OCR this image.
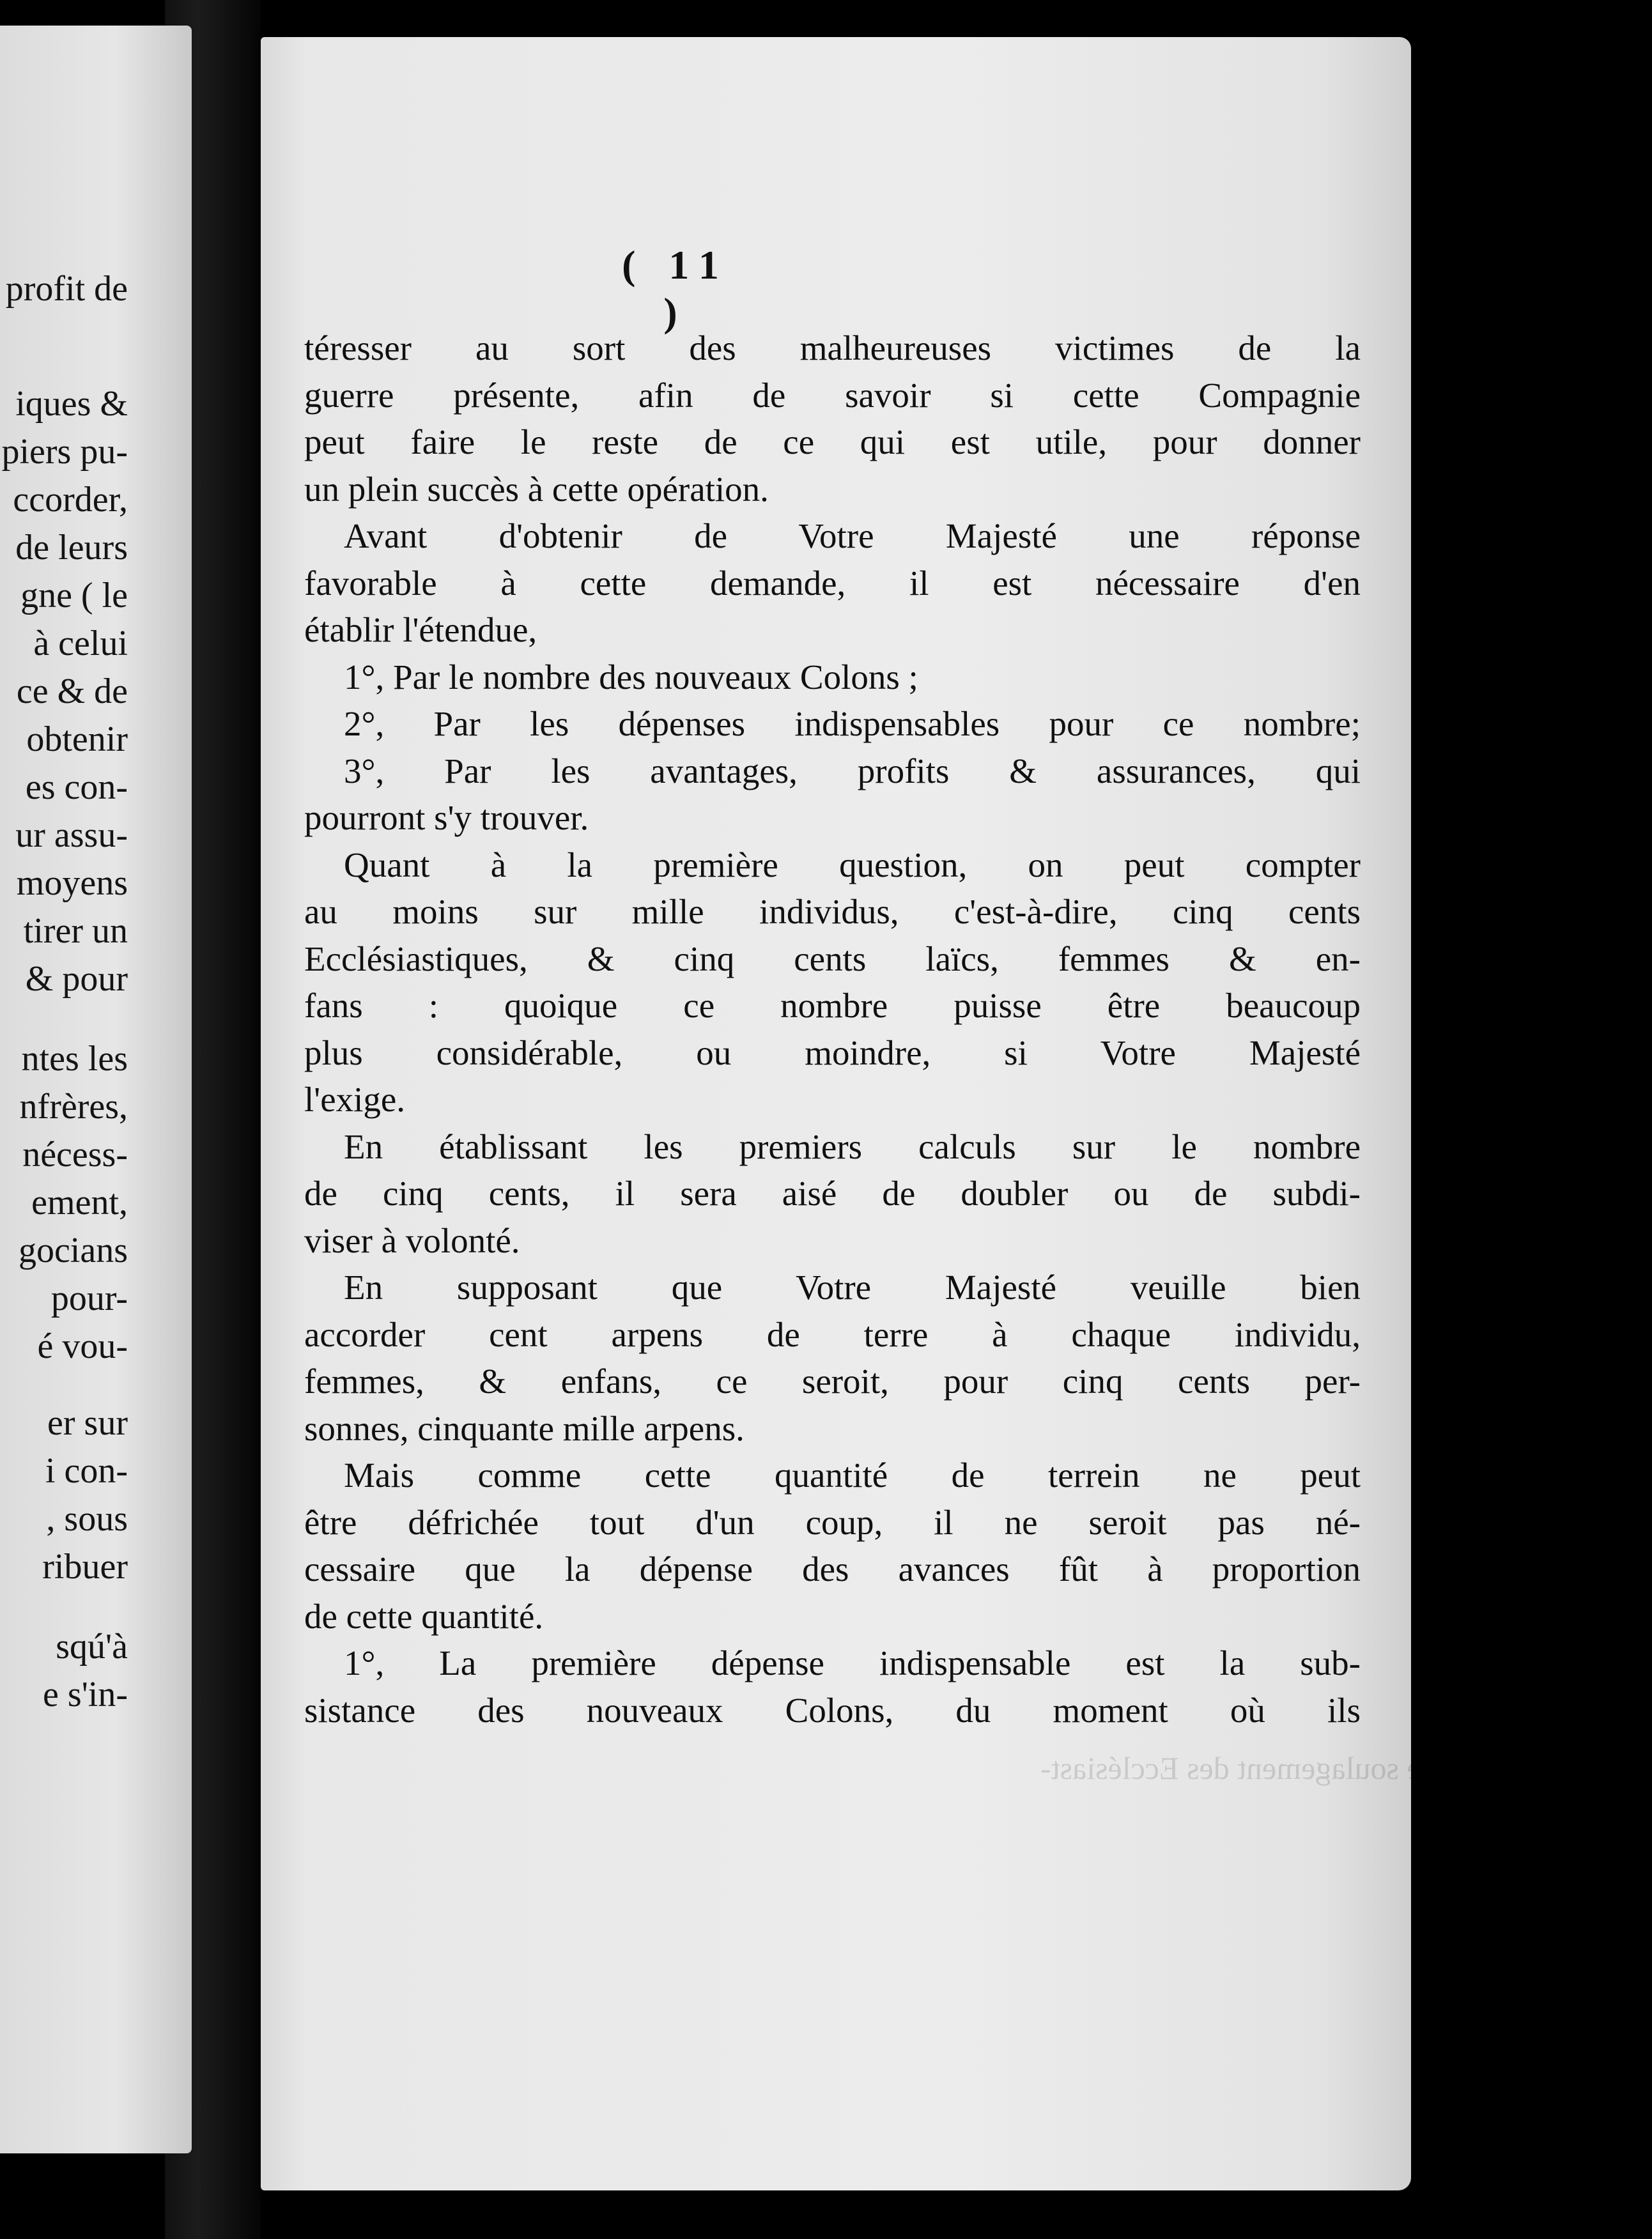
profit de
iques &
piers pu-
ccorder,
de leurs
gne ( le
à celui
ce & de
obtenir
es con-
ur assu-
moyens
tirer un
& pour
ntes les
nfrères,
nécess-
ement,
gocians
pour-
é vou-
er sur
i con-
, sous
ribuer
sqú'à
e s'in-
( 11 )
téresser au sort des malheureuses victimes de la
guerre présente, afin de savoir si cette Compagnie
peut faire le reste de ce qui est utile, pour donner
un plein succès à cette opération.
Avant d'obtenir de Votre Majesté une réponse
favorable à cette demande, il est nécessaire d'en
établir l'étendue,
1°, Par le nombre des nouveaux Colons ;
2°, Par les dépenses indispensables pour ce nombre;
3°, Par les avantages, profits & assurances, qui
pourront s'y trouver.
Quant à la première question, on peut compter
au moins sur mille individus, c'est-à-dire, cinq cents
Ecclésiastiques, & cinq cents laïcs, femmes & en-
fans : quoique ce nombre puisse être beaucoup
plus considérable, ou moindre, si Votre Majesté
l'exige.
En établissant les premiers calculs sur le nombre
de cinq cents, il sera aisé de doubler ou de subdi-
viser à volonté.
En supposant que Votre Majesté veuille bien
accorder cent arpens de terre à chaque individu,
femmes, & enfans, ce seroit, pour cinq cents per-
sonnes, cinquante mille arpens.
Mais comme cette quantité de terrein ne peut
être défrichée tout d'un coup, il ne seroit pas né-
cessaire que la dépense des avances fût à proportion
de cette quantité.
1°, La première dépense indispensable est la sub-
sistance des nouveaux Colons, du moment où ils
paient déjà, pour le soulagement des Ecclésiast-
